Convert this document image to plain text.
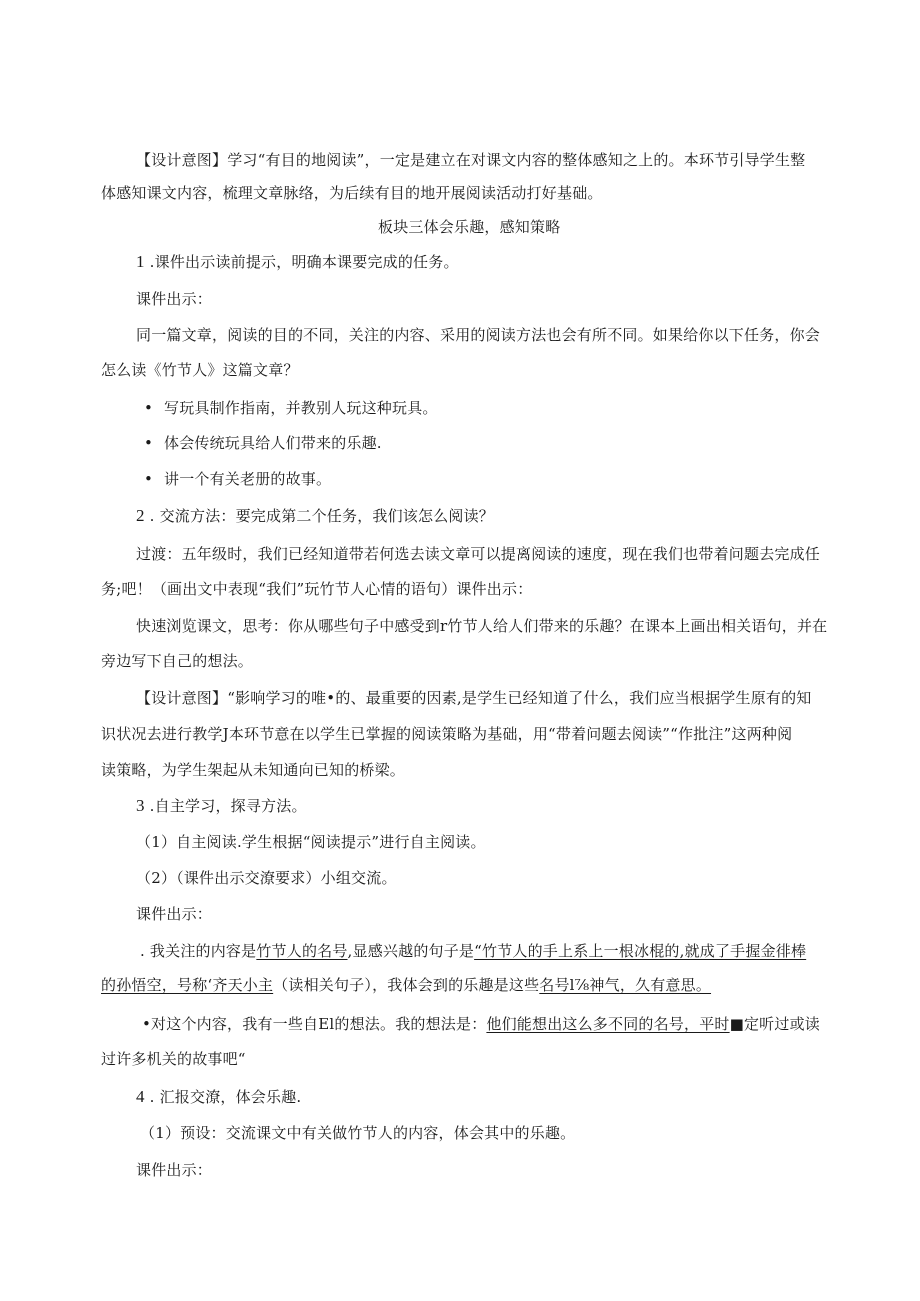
【设计意图】学习“有目的地阅读”，一定是建立在对课文内容的整体感知之上的。本环节引导学生整
体感知课文内容，梳理文章脉络，为后续有目的地开展阅读活动打好基础。
板块三体会乐趣，感知策略
1 .课件出示读前提示，明确本课要完成的任务。
课件出示：
同一篇文章，阅读的目的不同，关注的内容、采用的阅读方法也会有所不同。如果给你以下任务，你会
怎么读《竹节人》这篇文章？
• 写玩具制作指南，并教别人玩这种玩具。
• 体会传统玩具给人们带来的乐趣.
• 讲一个有关老册的故事。
2 . 交流方法：要完成第二个任务，我们该怎么阅读？
过渡：五年级时，我们已经知道带若何选去读文章可以提离阅读的速度，现在我们也带着问题去完成任
务;吧！（画出文中表现“我们”玩竹节人心情的语句）课件出示：
快速浏览课文，思考：你从哪些句子中感受到r竹节人给人们带来的乐趣？在课本上画出相关语句，并在
旁边写下自己的想法。
【设计意图】“影响学习的唯•的、最重要的因素,是学生已经知道了什么，我们应当根据学生原有的知
识状况去进行教学J本环节意在以学生已掌握的阅读策略为基础，用“带着问题去阅读”“作批注”这两种阅
读策略，为学生架起从未知通向已知的桥梁。
3 .自主学习，探寻方法。
（1）自主阅读.学生根据“阅读提示”进行自主阅读。
（2）（课件出示交潦要求）小组交流。
课件出示：
. 我关注的内容是竹节人的名号,显感兴越的句子是“竹节人的手上系上一根冰棍的,就成了手握金徘棒
的孙悟空，号称‘齐天小主（读相关句子），我体会到的乐趣是这些名号l⅞神气，久有意思。
•对这个内容，我有一些自El的想法。我的想法是：他们能想出这么多不同的名号，平时■定听过或读
过许多机关的故事吧“
4 . 汇报交潦，体会乐趣.
（1）预设：交流课文中有关做竹节人的内容，体会其中的乐趣。
课件出示：
